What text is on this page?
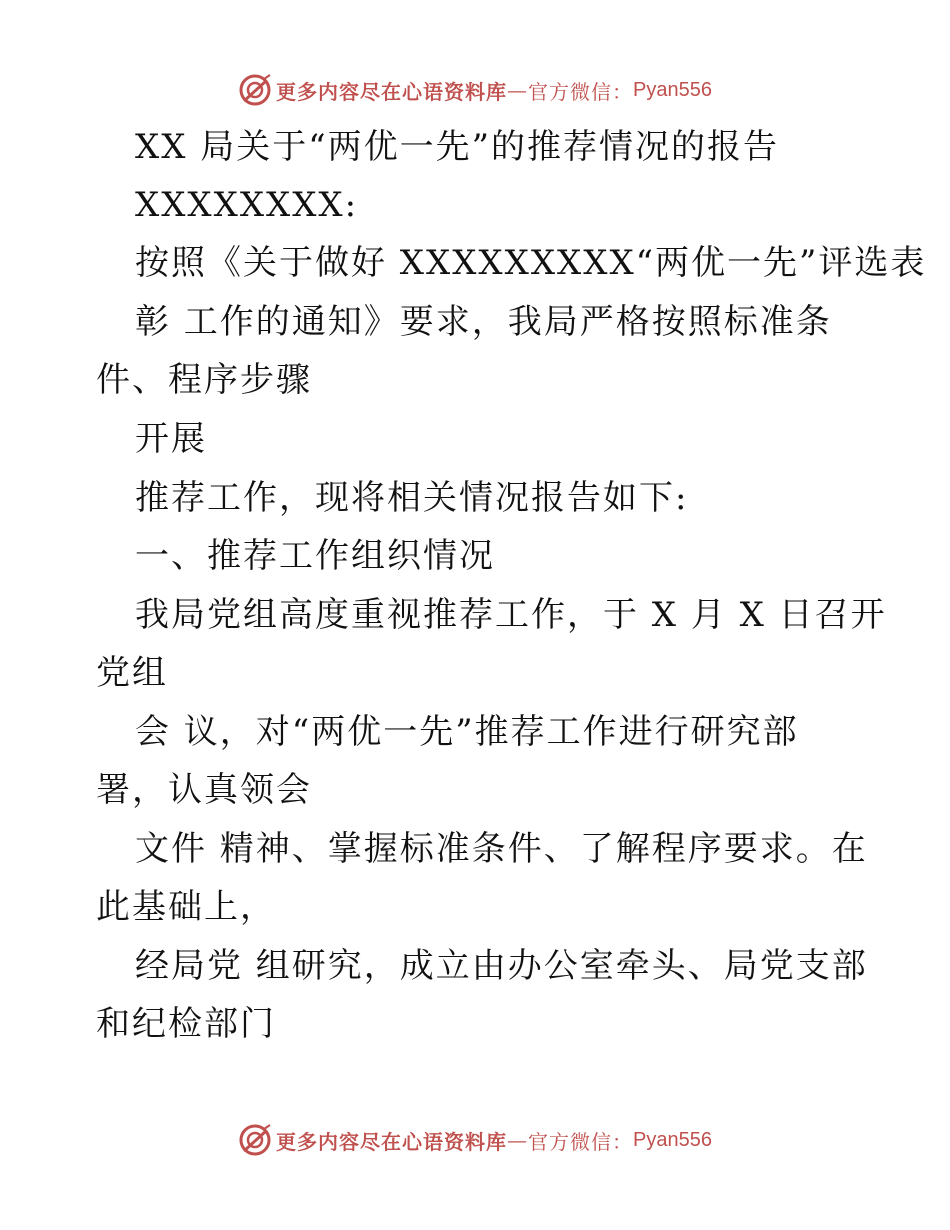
更多内容尽在心语资料库 — 官方微信： Pyan556
XX 局关于“两优一先”的推荐情况的报告
XXXXXXXX:
按照《关于做好 XXXXXXXXX“两优一先”评选表
彰 工作的通知》要求，我局严格按照标准条
件、程序步骤
开展
推荐工作，现将相关情况报告如下:
一、推荐工作组织情况
我局党组高度重视推荐工作，于 X 月 X 日召开
党组
会 议，对“两优一先”推荐工作进行研究部
署，认真领会
文件 精神、掌握标准条件、了解程序要求。在
此基础上，
经局党 组研究，成立由办公室牵头、局党支部
和纪检部门
更多内容尽在心语资料库 — 官方微信： Pyan556
